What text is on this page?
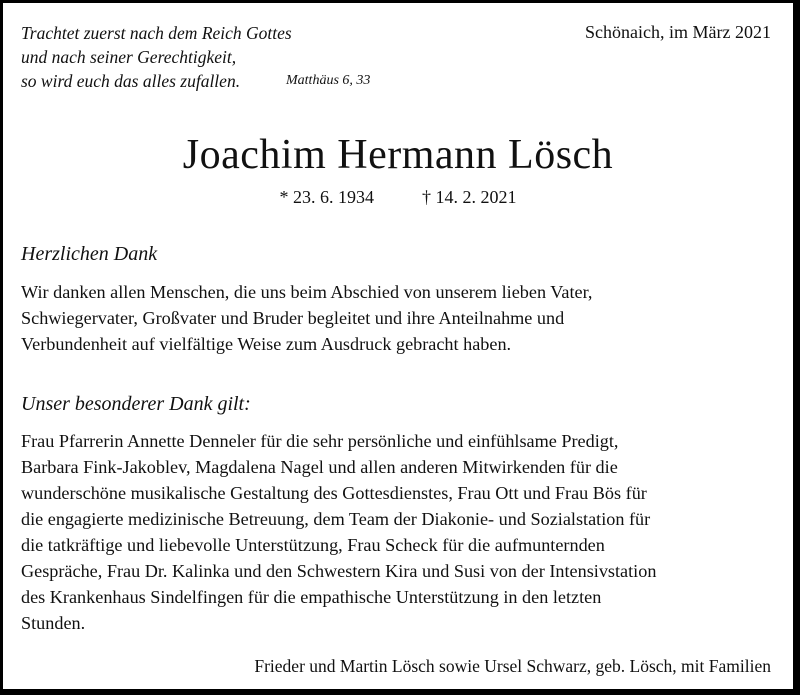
Trachtet zuerst nach dem Reich Gottes
und nach seiner Gerechtigkeit,
so wird euch das alles zufallen.	Matthäus 6, 33
Schönaich, im März 2021
Joachim Hermann Lösch
* 23. 6. 1934	† 14. 2. 2021
Herzlichen Dank
Wir danken allen Menschen, die uns beim Abschied von unserem lieben Vater,
Schwiegervater, Großvater und Bruder begleitet und ihre Anteilnahme und
Verbundenheit auf vielfältige Weise zum Ausdruck gebracht haben.
Unser besonderer Dank gilt:
Frau Pfarrerin Annette Denneler für die sehr persönliche und einfühlsame Predigt,
Barbara Fink-Jakoblev, Magdalena Nagel und allen anderen Mitwirkenden für die
wunderschöne musikalische Gestaltung des Gottesdienstes, Frau Ott und Frau Bös für
die engagierte medizinische Betreuung, dem Team der Diakonie- und Sozialstation für
die tatkräftige und liebevolle Unterstützung, Frau Scheck für die aufmunternden
Gespräche, Frau Dr. Kalinka und den Schwestern Kira und Susi von der Intensivstation
des Krankenhaus Sindelfingen für die empathische Unterstützung in den letzten
Stunden.
Frieder und Martin Lösch sowie Ursel Schwarz, geb. Lösch, mit Familien
